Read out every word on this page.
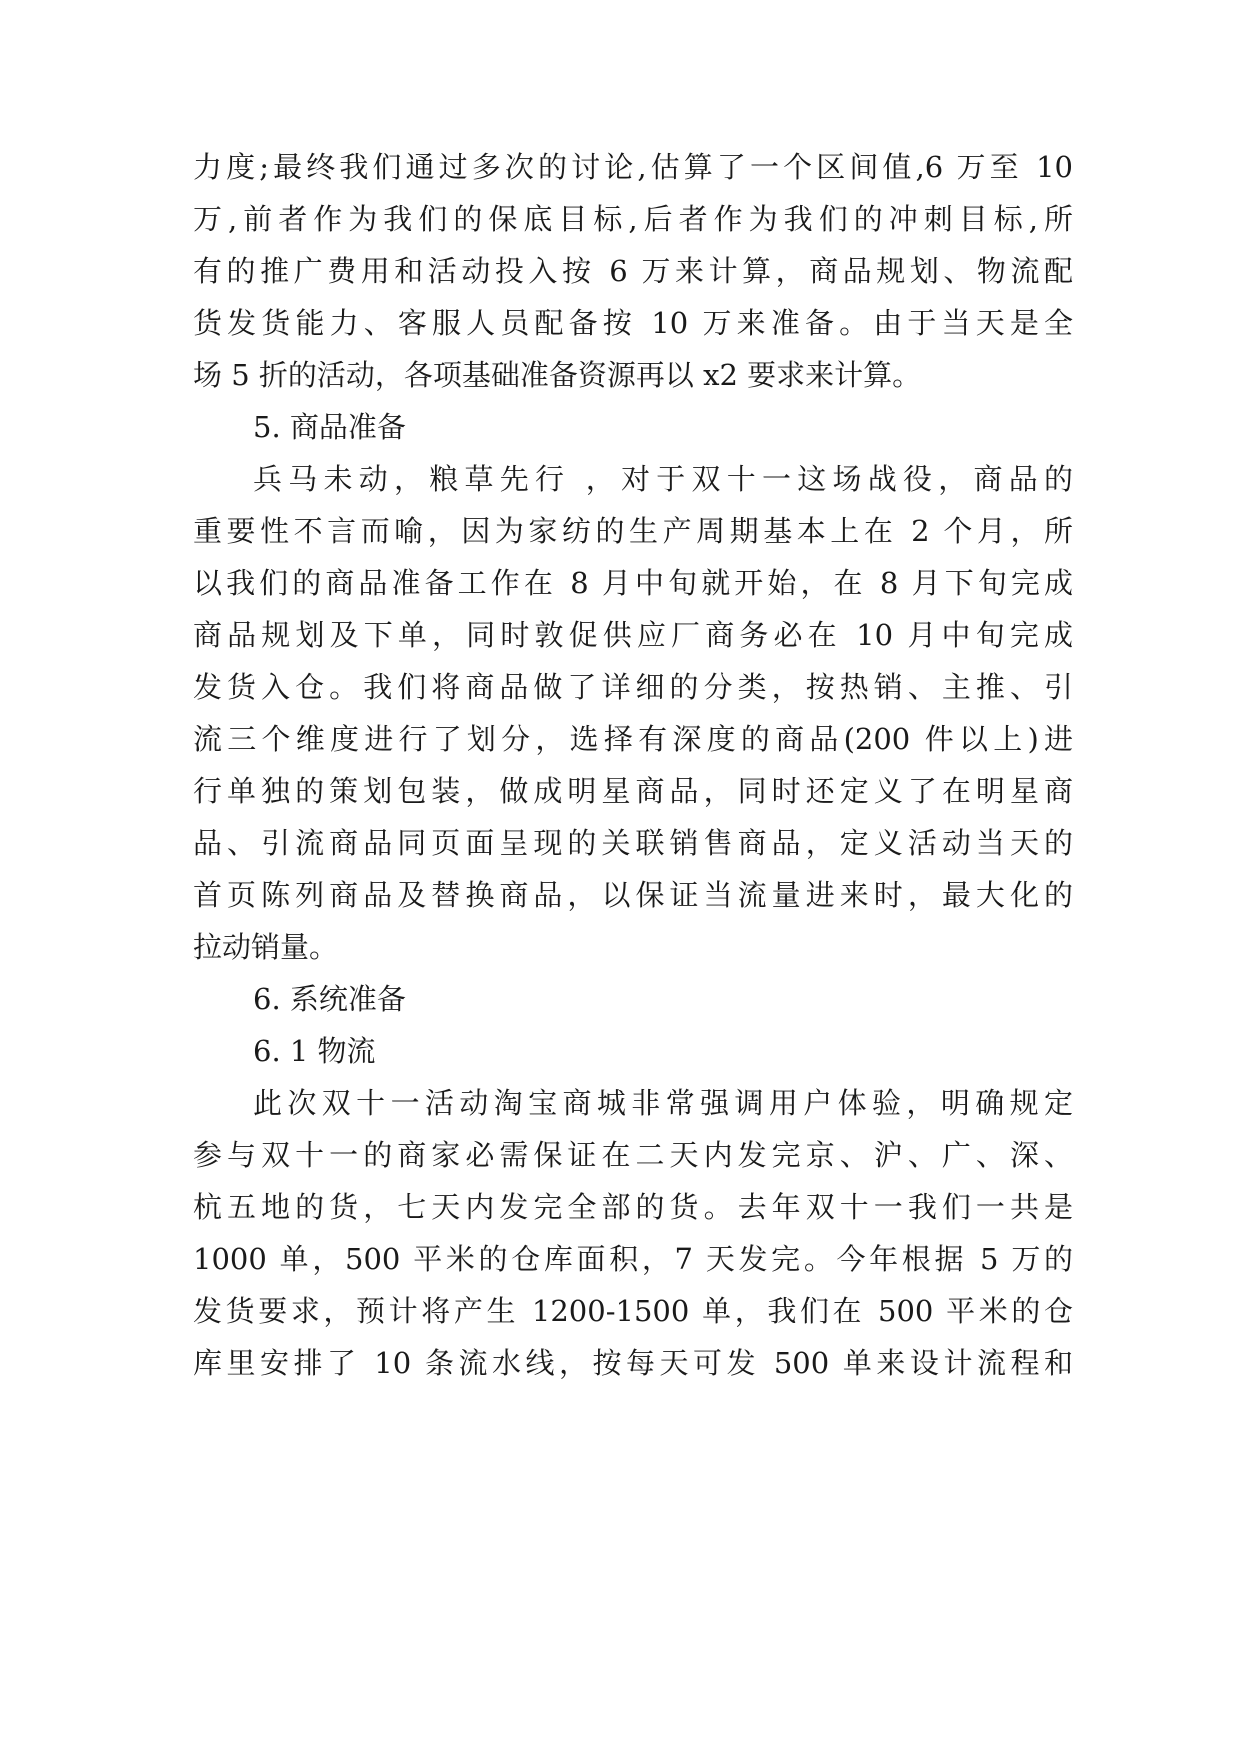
力度;最终我们通过多次的讨论,估算了一个区间值,6 万至 10
万,前者作为我们的保底目标,后者作为我们的冲刺目标,所
有的推广费用和活动投入按 6 万来计算，商品规划、物流配
货发货能力、客服人员配备按 10 万来准备。由于当天是全
场 5 折的活动，各项基础准备资源再以 x2 要求来计算。
5. 商品准备
兵马未动，粮草先行 ，对于双十一这场战役，商品的
重要性不言而喻，因为家纺的生产周期基本上在 2 个月，所
以我们的商品准备工作在 8 月中旬就开始，在 8 月下旬完成
商品规划及下单，同时敦促供应厂商务必在 10 月中旬完成
发货入仓。我们将商品做了详细的分类，按热销、主推、引
流三个维度进行了划分，选择有深度的商品(200 件以上)进
行单独的策划包装，做成明星商品，同时还定义了在明星商
品、引流商品同页面呈现的关联销售商品，定义活动当天的
首页陈列商品及替换商品，以保证当流量进来时，最大化的
拉动销量。
6. 系统准备
6. 1 物流
此次双十一活动淘宝商城非常强调用户体验，明确规定
参与双十一的商家必需保证在二天内发完京、沪、广、深、
杭五地的货，七天内发完全部的货。去年双十一我们一共是
1000 单，500 平米的仓库面积，7 天发完。今年根据 5 万的
发货要求，预计将产生 1200-1500 单，我们在 500 平米的仓
库里安排了 10 条流水线，按每天可发 500 单来设计流程和
